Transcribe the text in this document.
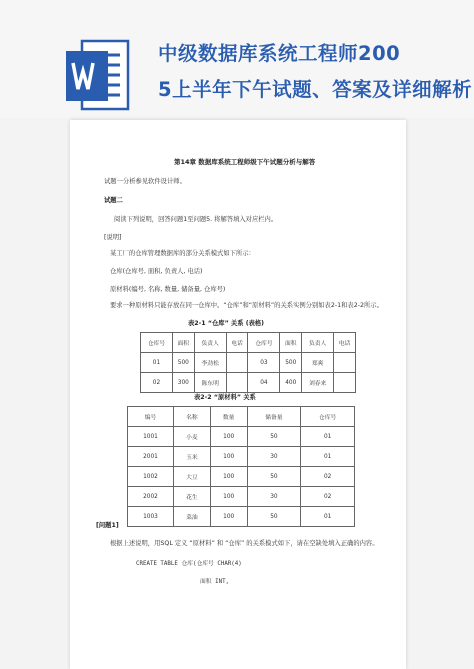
中级数据库系统工程师200
5上半年下午试题、答案及详细解析
第14章 数据库系统工程师级下午试题分析与解答
试题一分析参见软件设计师。
试题二
阅读下列说明，回答问题1至问题5. 将解答填入对应栏内。
[说明]
某工厂的仓库管理数据库的部分关系模式如下所示：
仓库(仓库号, 面积, 负责人, 电话)
原材料(编号, 名称, 数量, 储备量, 仓库号)
要求一种原材料只能存放在同一仓库中。“仓库”和“原材料”的关系实例分别如表2-1和表2-2所示。
表2-1 “仓库” 关系 (表格)
仓库号	面积	负责人	电话	仓库号	面积	负责人	电话
01	500	李劲松		03	500	郑爽	
02	300	陈东明		04	400	刘春来	
表2-2 “原材料” 关系
编号	名称	数量	储备量	仓库号
1001	小麦	100	50	01
2001	玉米	100	30	01
1002	大豆	100	50	02
2002	花生	100	30	02
1003	菜油	100	50	01
[问题1]
根据上述说明，用SQL 定义 “原材料” 和 “仓库” 的关系模式如下，请在空缺处填入正确的内容。
CREATE TABLE 仓库(仓库号 CHAR(4)
面积 INT,
